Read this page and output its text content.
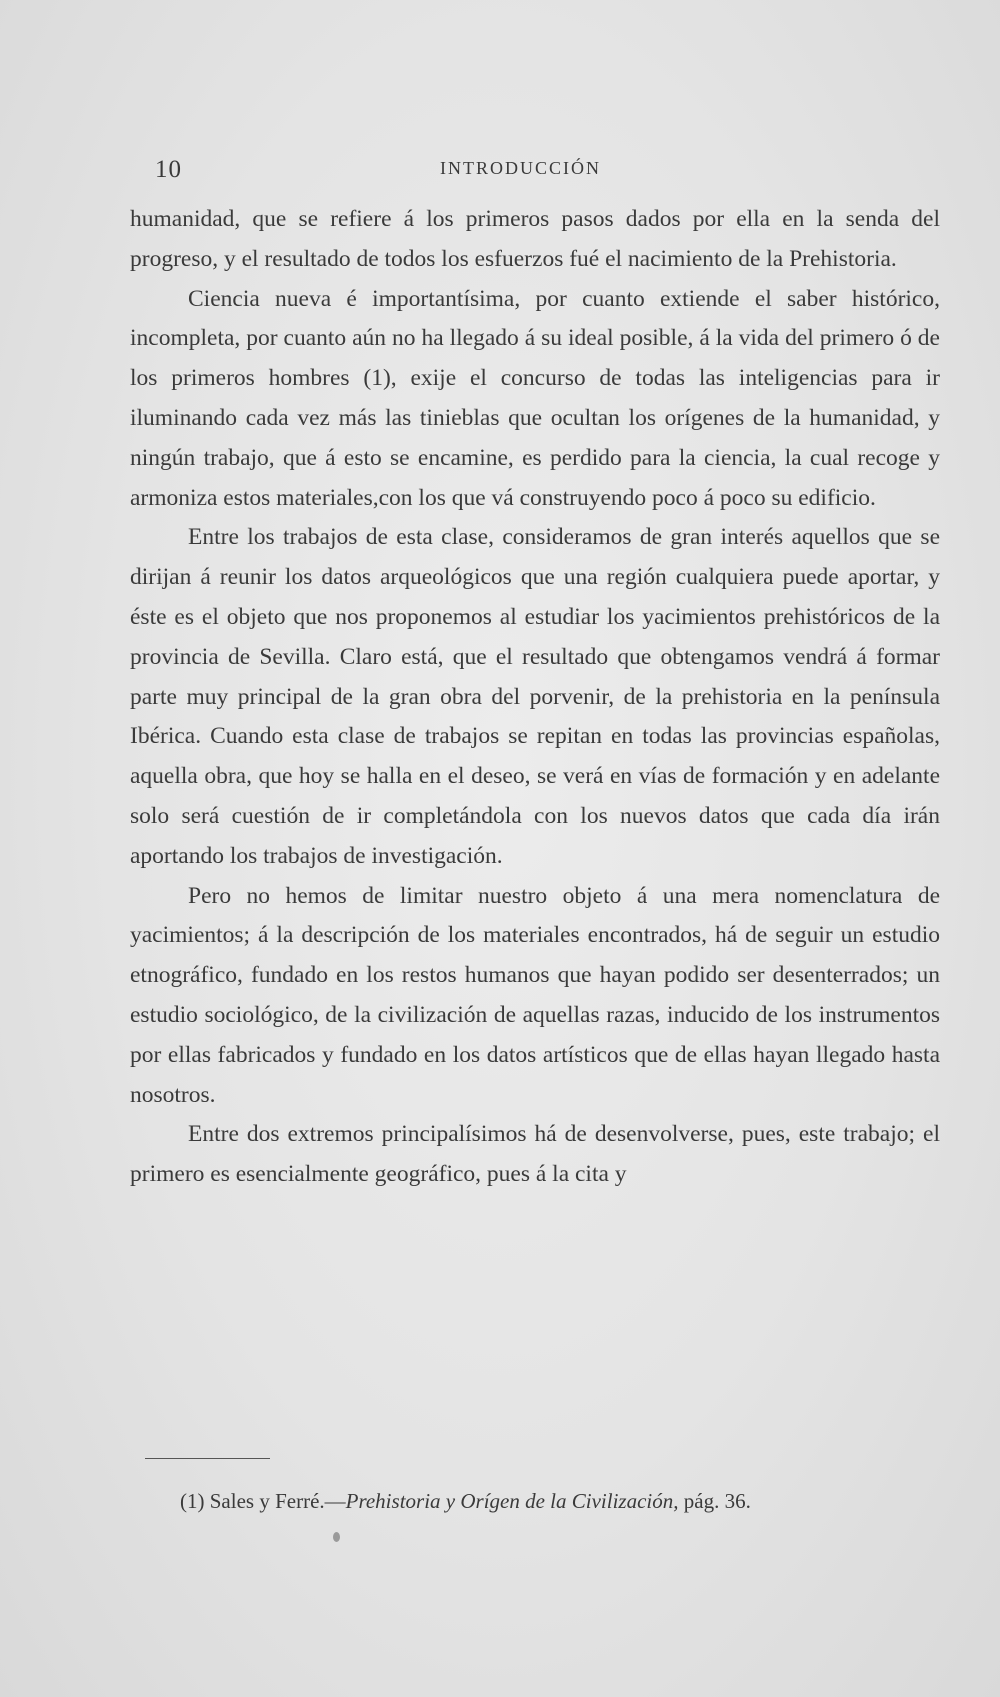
10	INTRODUCCIÓN

humanidad, que se refiere á los primeros pasos dados por ella en la senda del progreso, y el resultado de todos los esfuerzos fué el nacimiento de la Prehistoria.

Ciencia nueva é importantísima, por cuanto extiende el saber histórico, incompleta, por cuanto aún no ha llegado á su ideal posible, á la vida del primero ó de los primeros hombres (1), exije el concurso de todas las inteligencias para ir iluminando cada vez más las tinieblas que ocultan los orígenes de la humanidad, y ningún trabajo, que á esto se encamine, es perdido para la ciencia, la cual recoge y armoniza estos materiales,con los que vá construyendo poco á poco su edificio.

Entre los trabajos de esta clase, consideramos de gran interés aquellos que se dirijan á reunir los datos arqueológicos que una región cualquiera puede aportar, y éste es el objeto que nos proponemos al estudiar los yacimientos prehistóricos de la provincia de Sevilla. Claro está, que el resultado que obtengamos vendrá á formar parte muy principal de la gran obra del porvenir, de la prehistoria en la península Ibérica. Cuando esta clase de trabajos se repitan en todas las provincias españolas, aquella obra, que hoy se halla en el deseo, se verá en vías de formación y en adelante solo será cuestión de ir completándola con los nuevos datos que cada día irán aportando los trabajos de investigación.

Pero no hemos de limitar nuestro objeto á una mera nomenclatura de yacimientos; á la descripción de los materiales encontrados, há de seguir un estudio etnográfico, fundado en los restos humanos que hayan podido ser desenterrados; un estudio sociológico, de la civilización de aquellas razas, inducido de los instrumentos por ellas fabricados y fundado en los datos artísticos que de ellas hayan llegado hasta nosotros.

Entre dos extremos principalísimos há de desenvolverse, pues, este trabajo; el primero es esencialmente geográfico, pues á la cita y

(1) Sales y Ferré.—Prehistoria y Orígen de la Civilización, pág. 36.
